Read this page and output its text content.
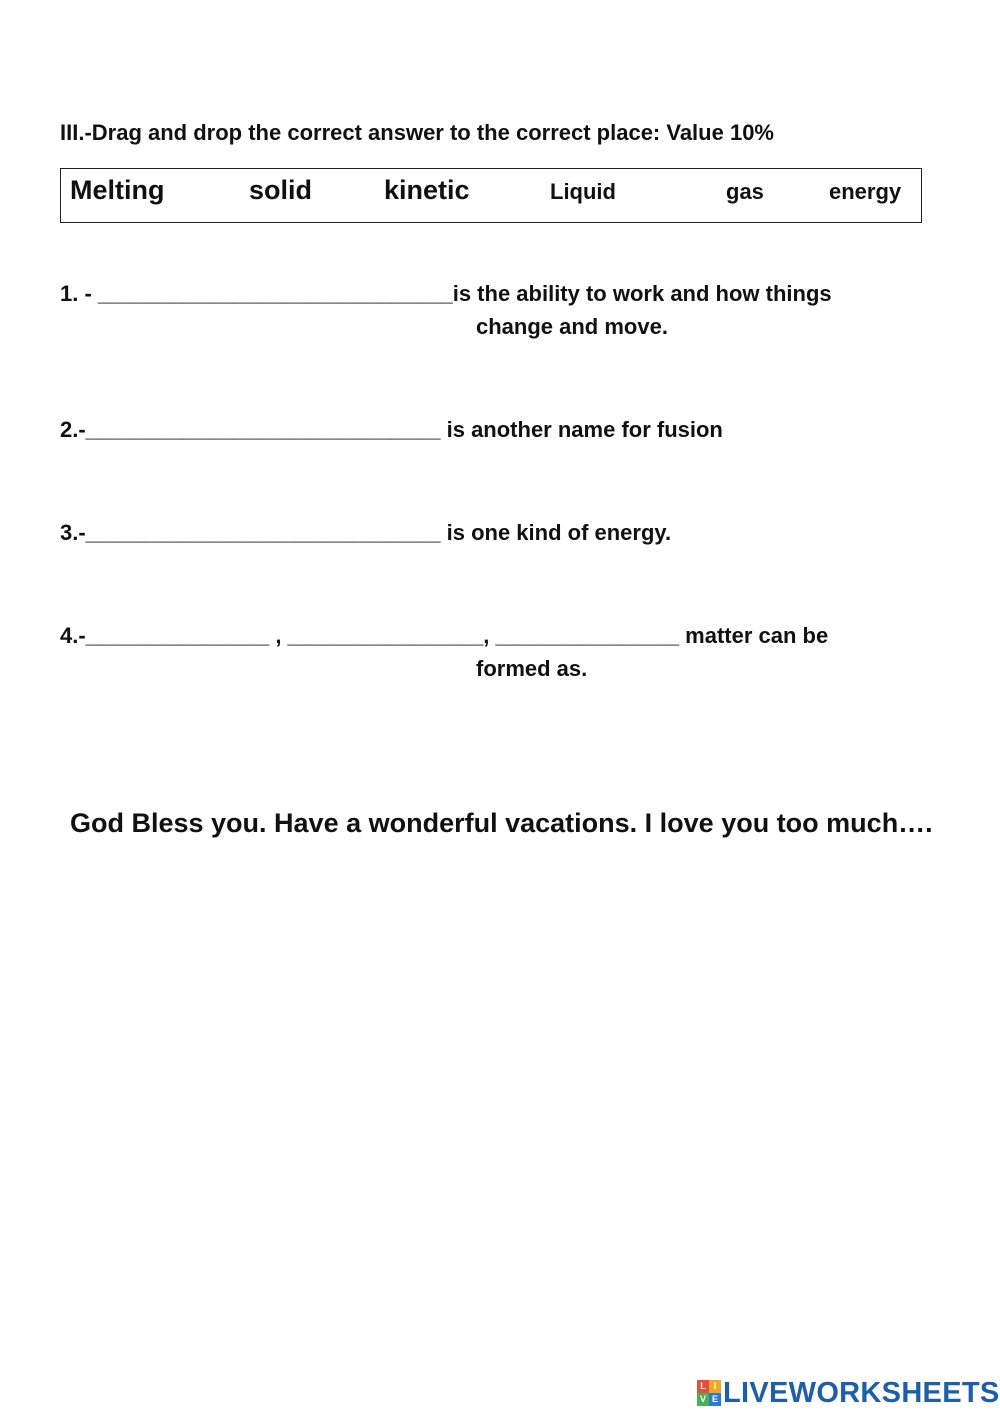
III.-Drag and drop the correct answer to the correct place: Value 10%
Melting	solid	kinetic	Liquid	gas	energy
1. - _____________________________is the ability to work and how things
change and move.
2.-_____________________________ is another name for fusion
3.-_____________________________ is one kind of energy.
4.-_______________ , ________________, _______________ matter can be
formed as.
God Bless you. Have a wonderful vacations. I love you too much….
L I
V E LIVEWORKSHEETS
